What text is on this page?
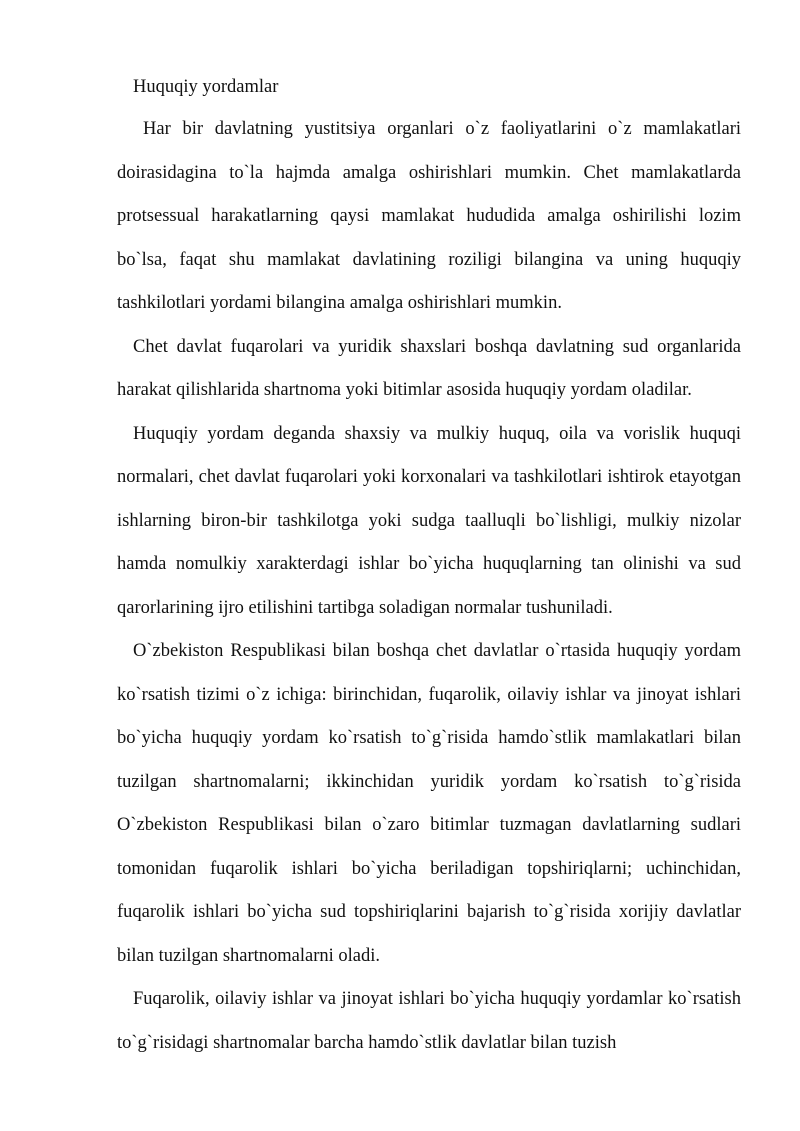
Huquqiy yordamlar

Har bir davlatning yustitsiya organlari o`z faoliyatlarini o`z mamlakatlari doirasidagina to`la hajmda amalga oshirishlari mumkin. Chet mamlakatlarda protsessual harakatlarning qaysi mamlakat hududida amalga oshirilishi lozim bo`lsa, faqat shu mamlakat davlatining roziligi bilangina va uning huquqiy tashkilotlari yordami bilangina amalga oshirishlari mumkin.

Chet davlat fuqarolari va yuridik shaxslari boshqa davlatning sud organlarida harakat qilishlarida shartnoma yoki bitimlar asosida huquqiy yordam oladilar.

Huquqiy yordam deganda shaxsiy va mulkiy huquq, oila va vorislik huquqi normalari, chet davlat fuqarolari yoki korxonalari va tashkilotlari ishtirok etayotgan ishlarning biron-bir tashkilotga yoki sudga taalluqli bo`lishligi, mulkiy nizolar hamda nomulkiy xarakterdagi ishlar bo`yicha huquqlarning tan olinishi va sud qarorlarining ijro etilishini tartibga soladigan normalar tushuniladi.

O`zbekiston Respublikasi bilan boshqa chet davlatlar o`rtasida huquqiy yordam ko`rsatish tizimi o`z ichiga: birinchidan, fuqarolik, oilaviy ishlar va jinoyat ishlari bo`yicha huquqiy yordam ko`rsatish to`g`risida hamdo`stlik mamlakatlari bilan tuzilgan shartnomalarni; ikkinchidan yuridik yordam ko`rsatish to`g`risida O`zbekiston Respublikasi bilan o`zaro bitimlar tuzmagan davlatlarning sudlari tomonidan fuqarolik ishlari bo`yicha beriladigan topshiriqlarni; uchinchidan, fuqarolik ishlari bo`yicha sud topshiriqlarini bajarish to`g`risida xorijiy davlatlar bilan tuzilgan shartnomalarni oladi.

Fuqarolik, oilaviy ishlar va jinoyat ishlari bo`yicha huquqiy yordamlar ko`rsatish to`g`risidagi shartnomalar barcha hamdo`stlik davlatlar bilan tuzish
